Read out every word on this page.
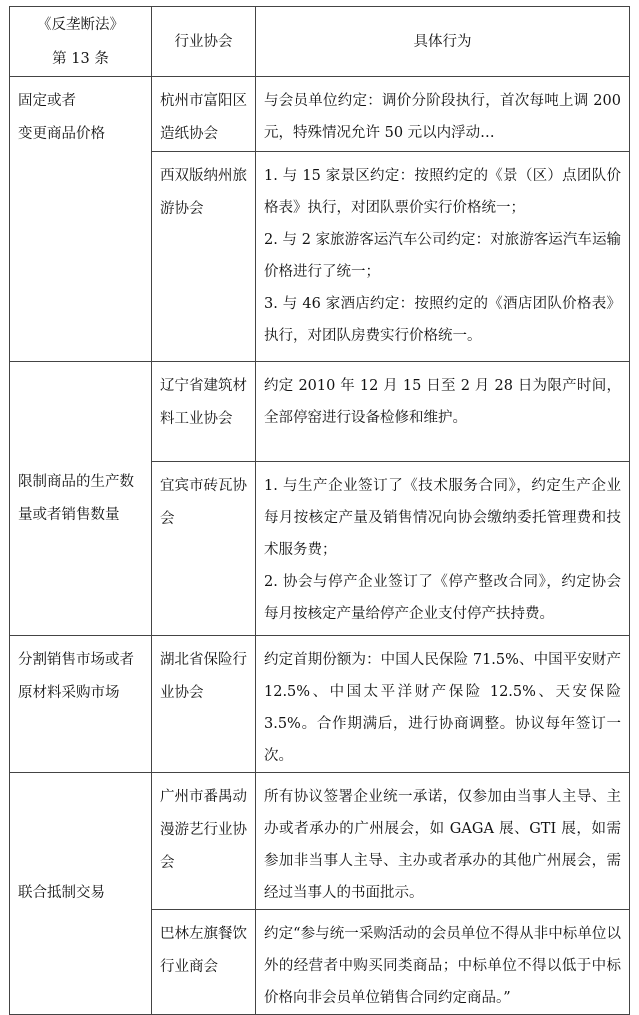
《反垄断法》
第 13 条	行业协会	具体行为

固定或者
变更商品价格	杭州市富阳区造纸协会	与会员单位约定：调价分阶段执行，首次每吨上调 200 元，特殊情况允许 50 元以内浮动…

	西双版纳州旅游协会	1. 与 15 家景区约定：按照约定的《景（区）点团队价格表》执行，对团队票价实行价格统一；

2. 与 2 家旅游客运汽车公司约定：对旅游客运汽车运输价格进行了统一；

3. 与 46 家酒店约定：按照约定的《酒店团队价格表》执行，对团队房费实行价格统一。

限制商品的生产数量或者销售数量	辽宁省建筑材料工业协会	约定 2010 年 12 月 15 日至 2 月 28 日为限产时间，全部停窑进行设备检修和维护。

	宜宾市砖瓦协会	1. 与生产企业签订了《技术服务合同》，约定生产企业每月按核定产量及销售情况向协会缴纳委托管理费和技术服务费；

2. 协会与停产企业签订了《停产整改合同》，约定协会每月按核定产量给停产企业支付停产扶持费。

分割销售市场或者原材料采购市场	湖北省保险行业协会	约定首期份额为：中国人民保险 71.5%、中国平安财产 12.5%、中国太平洋财产保险 12.5%、天安保险 3.5%。合作期满后，进行协商调整。协议每年签订一次。

联合抵制交易	广州市番禺动漫游艺行业协会	所有协议签署企业统一承诺，仅参加由当事人主导、主办或者承办的广州展会，如 GAGA 展、GTI 展，如需参加非当事人主导、主办或者承办的其他广州展会，需经过当事人的书面批示。

	巴林左旗餐饮行业商会	约定“参与统一采购活动的会员单位不得从非中标单位以外的经营者中购买同类商品；中标单位不得以低于中标价格向非会员单位销售合同约定商品。”
